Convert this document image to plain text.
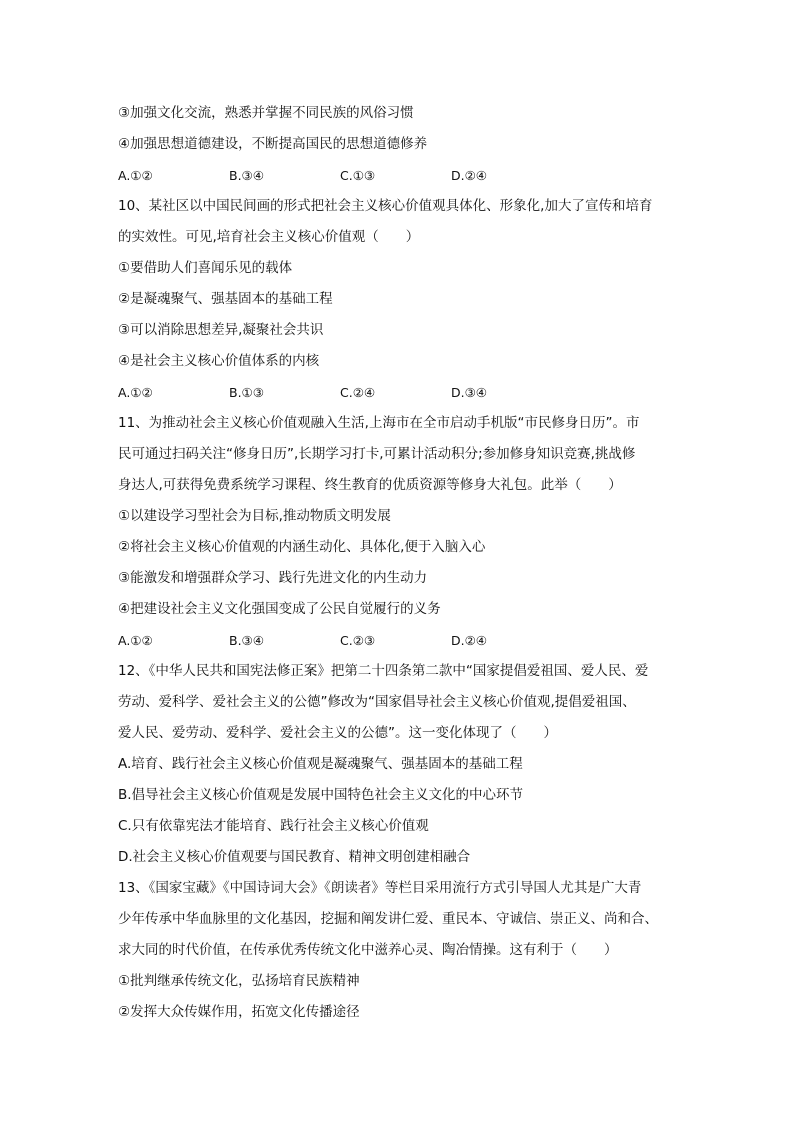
③加强文化交流，熟悉并掌握不同民族的风俗习惯
④加强思想道德建设，不断提高国民的思想道德修养
A.①②	B.③④	C.①③	D.②④
10、某社区以中国民间画的形式把社会主义核心价值观具体化、形象化,加大了宣传和培育
的实效性。可见,培育社会主义核心价值观（　　）
①要借助人们喜闻乐见的载体
②是凝魂聚气、强基固本的基础工程
③可以消除思想差异,凝聚社会共识
④是社会主义核心价值体系的内核
A.①②	B.①③	C.②④	D.③④
11、为推动社会主义核心价值观融入生活,上海市在全市启动手机版“市民修身日历”。市
民可通过扫码关注“修身日历”,长期学习打卡,可累计活动积分;参加修身知识竞赛,挑战修
身达人,可获得免费系统学习课程、终生教育的优质资源等修身大礼包。此举（　　）
①以建设学习型社会为目标,推动物质文明发展
②将社会主义核心价值观的内涵生动化、具体化,便于入脑入心
③能激发和增强群众学习、践行先进文化的内生动力
④把建设社会主义文化强国变成了公民自觉履行的义务
A.①②	B.③④	C.②③	D.②④
12、《中华人民共和国宪法修正案》把第二十四条第二款中“国家提倡爱祖国、爱人民、爱
劳动、爱科学、爱社会主义的公德”修改为“国家倡导社会主义核心价值观,提倡爱祖国、
爱人民、爱劳动、爱科学、爱社会主义的公德”。这一变化体现了（　　）
A.培育、践行社会主义核心价值观是凝魂聚气、强基固本的基础工程
B.倡导社会主义核心价值观是发展中国特色社会主义文化的中心环节
C.只有依靠宪法才能培育、践行社会主义核心价值观
D.社会主义核心价值观要与国民教育、精神文明创建相融合
13、《国家宝藏》《中国诗词大会》《朗读者》等栏目采用流行方式引导国人尤其是广大青
少年传承中华血脉里的文化基因，挖掘和阐发讲仁爱、重民本、守诚信、崇正义、尚和合、
求大同的时代价值，在传承优秀传统文化中滋养心灵、陶冶情操。这有利于（　　）
①批判继承传统文化，弘扬培育民族精神
②发挥大众传媒作用，拓宽文化传播途径
